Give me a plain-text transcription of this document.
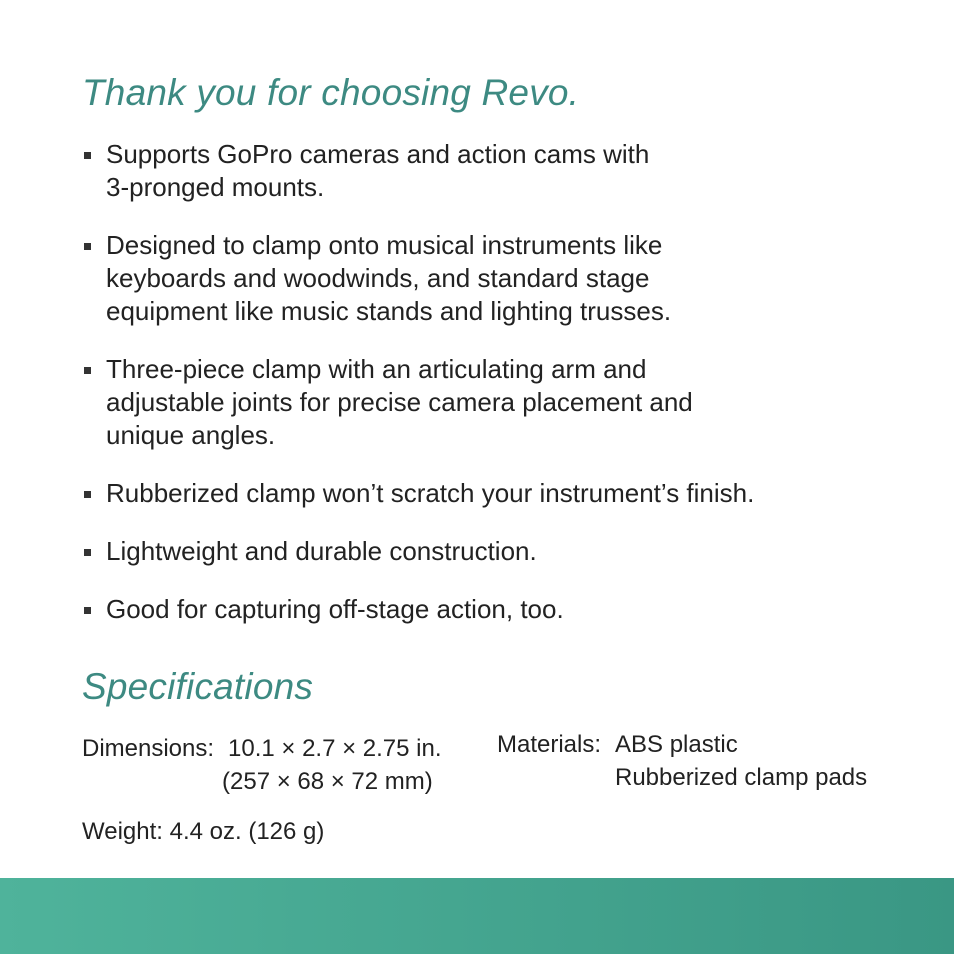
Thank you for choosing Revo.
Supports GoPro cameras and action cams with
3-pronged mounts.
Designed to clamp onto musical instruments like
keyboards and woodwinds, and standard stage
equipment like music stands and lighting trusses.
Three-piece clamp with an articulating arm and
adjustable joints for precise camera placement and
unique angles.
Rubberized clamp won’t scratch your instrument’s finish.
Lightweight and durable construction.
Good for capturing off-stage action, too.
Specifications
Dimensions: 10.1 × 2.7 × 2.75 in.
(257 × 68 × 72 mm)
Materials: ABS plastic
Rubberized clamp pads
Weight: 4.4 oz. (126 g)
